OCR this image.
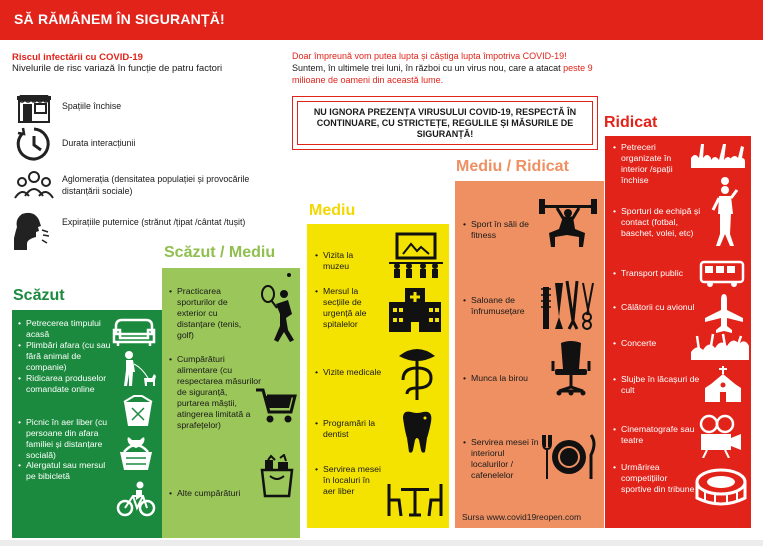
SĂ RĂMÂNEM ÎN SIGURANȚĂ!
Riscul infectării cu COVID-19
Nivelurile de risc variază în funcție de patru factori
Spațiile închise
Durata interacțiunii
Aglomerația (densitatea populației și provocările distanțării sociale)
Expirațiile puternice (strănut /țipat /cântat /tușit)
Doar împreună vom putea lupta și câștiga lupta împotriva COVID-19!
Suntem, în ultimele trei luni, în război cu un virus nou, care a atacat peste 9 milioane de oameni din această lume.
NU IGNORA PREZENȚA VIRUSULUI COVID-19, RESPECTĂ ÎN CONTINUARE, CU STRICTEȚE, REGULILE ȘI MĂSURILE DE SIGURANȚĂ!
Scăzut
Scăzut / Mediu
Mediu
Mediu / Ridicat
Ridicat
• Petrecerea timpului acasă
• Plimbări afara (cu sau fără animal de companie)
• Ridicarea produselor comandate online
• Picnic în aer liber (cu persoane din afara familiei și distanțare socială)
• Alergatul sau mersul pe bibicletă
• Practicarea sporturilor de exterior cu distanțare (tenis, golf)
• Cumpărături alimentare (cu respectarea măsurilor de siguranță, purtarea măștii, atingerea limitată a sprafețelor)
• Alte cumpărături
• Vizita la muzeu
• Mersul la secțiile de urgență ale spitalelor
• Vizite medicale
• Programări la dentist
• Servirea mesei în localuri în aer liber
• Sport în săli de fitness
• Saloane de înfrumusețare
• Munca la birou
• Servirea mesei în interiorul localurilor / cafenelelor
• Petreceri organizate în interior /spații închise
• Sporturi de echipă și contact (fotbal, baschet, volei, etc)
• Transport public
• Călătorii cu avionul
• Concerte
• Slujbe în lăcașuri de cult
• Cinematografe sau teatre
• Urmărirea competițiilor sportive din tribune
Sursa www.covid19reopen.com
